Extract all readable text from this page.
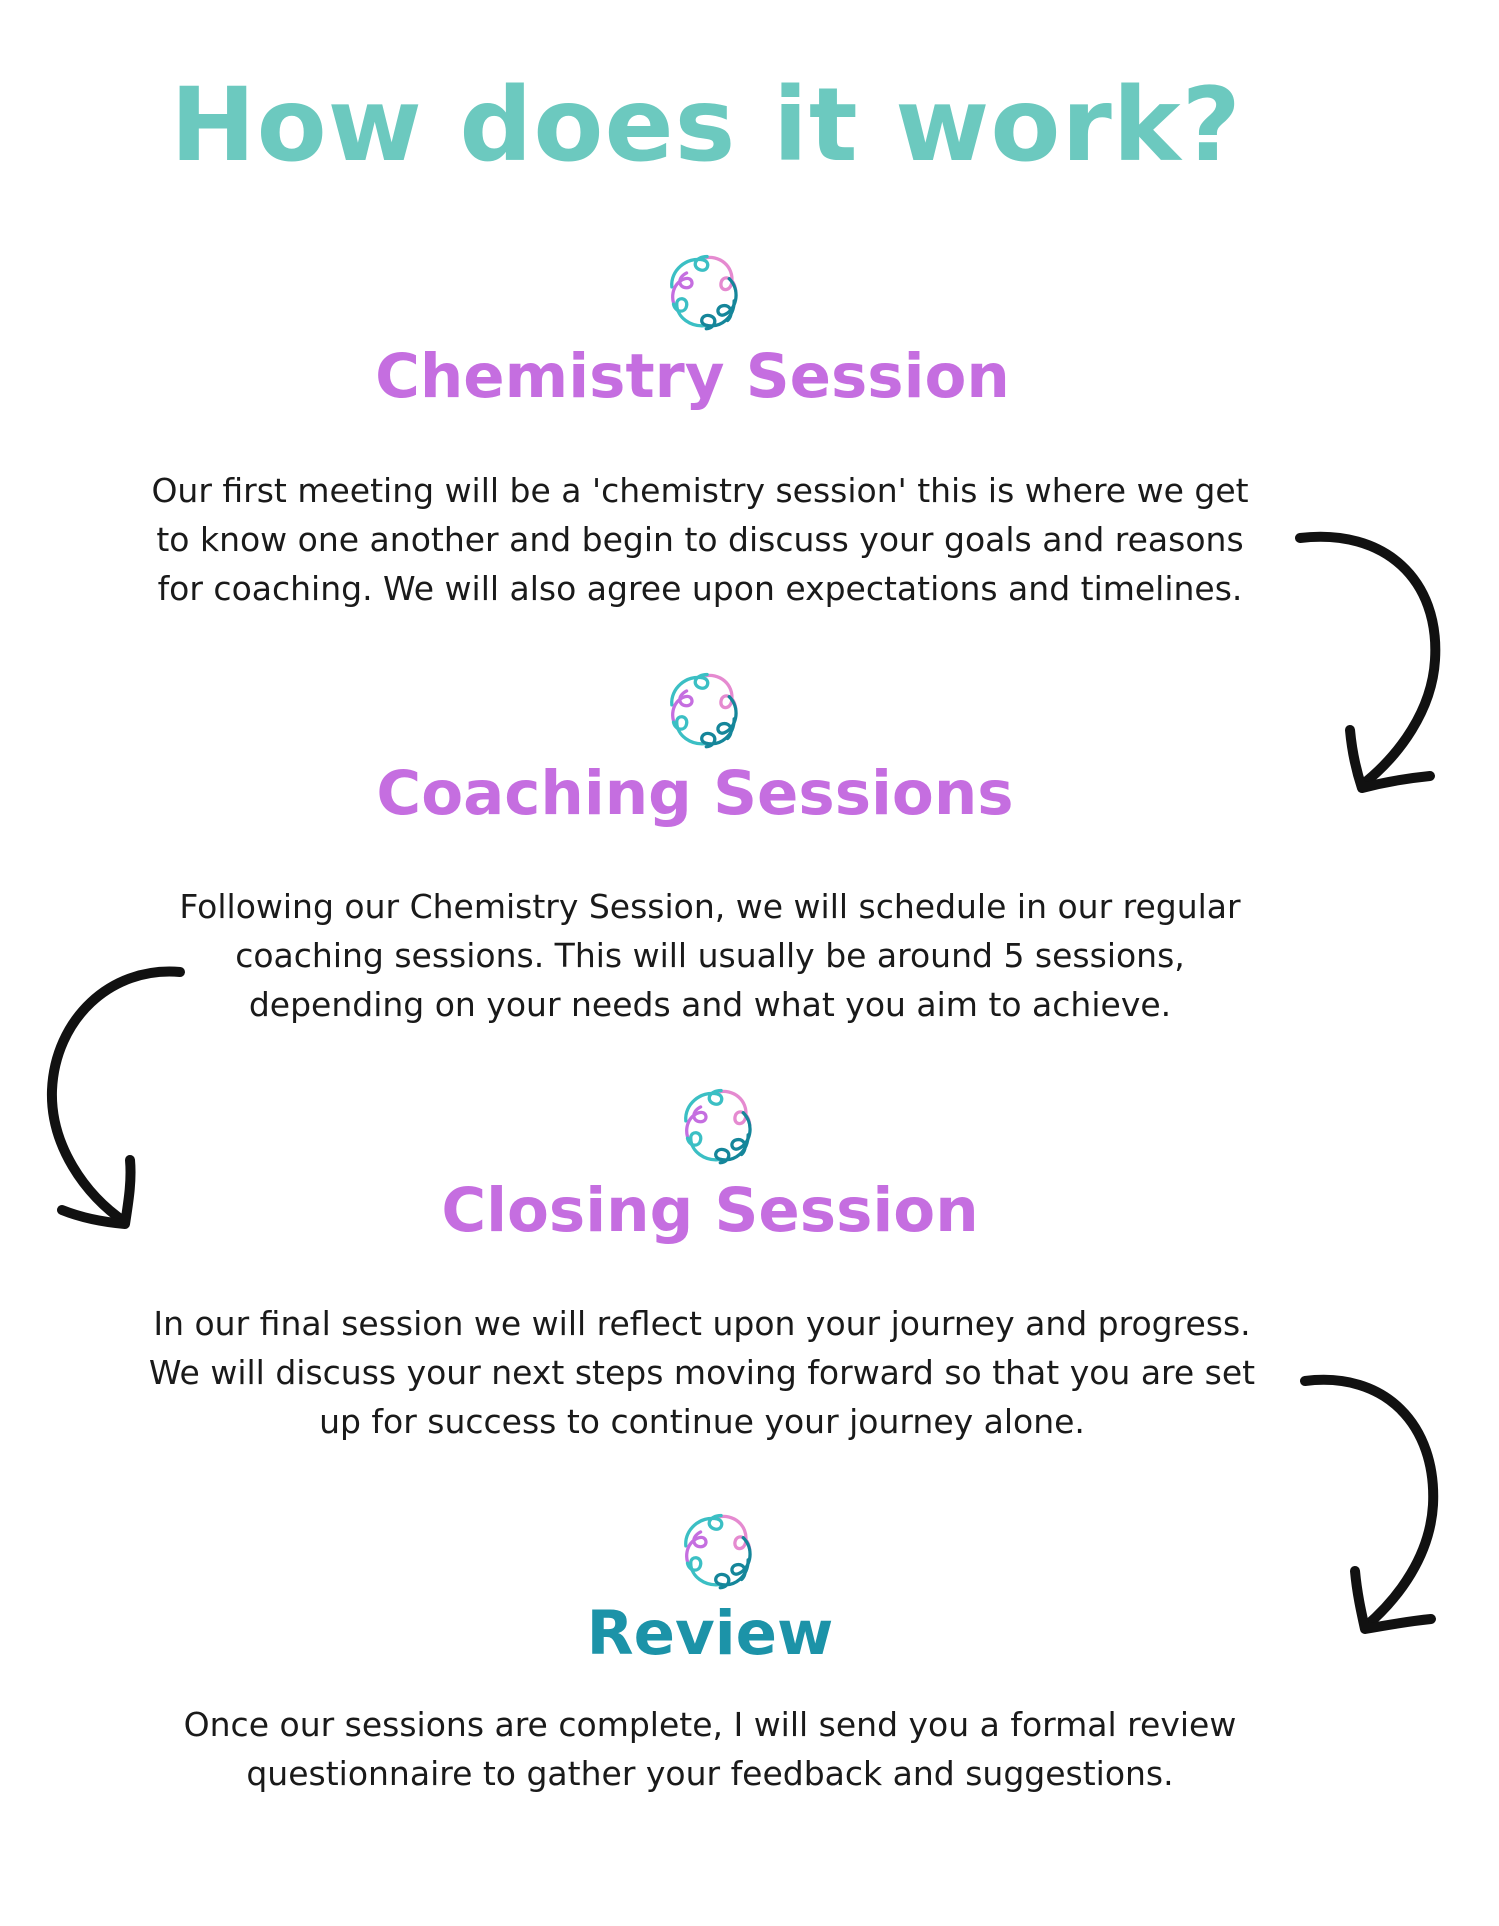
How does it work?
Chemistry Session
Our first meeting will be a 'chemistry session' this is where we get
to know one another and begin to discuss your goals and reasons
for coaching. We will also agree upon expectations and timelines.
Coaching Sessions
Following our Chemistry Session, we will schedule in our regular
coaching sessions. This will usually be around 5 sessions,
depending on your needs and what you aim to achieve.
Closing Session
In our final session we will reflect upon your journey and progress.
We will discuss your next steps moving forward so that you are set
up for success to continue your journey alone.
Review
Once our sessions are complete, I will send you a formal review
questionnaire to gather your feedback and suggestions.
